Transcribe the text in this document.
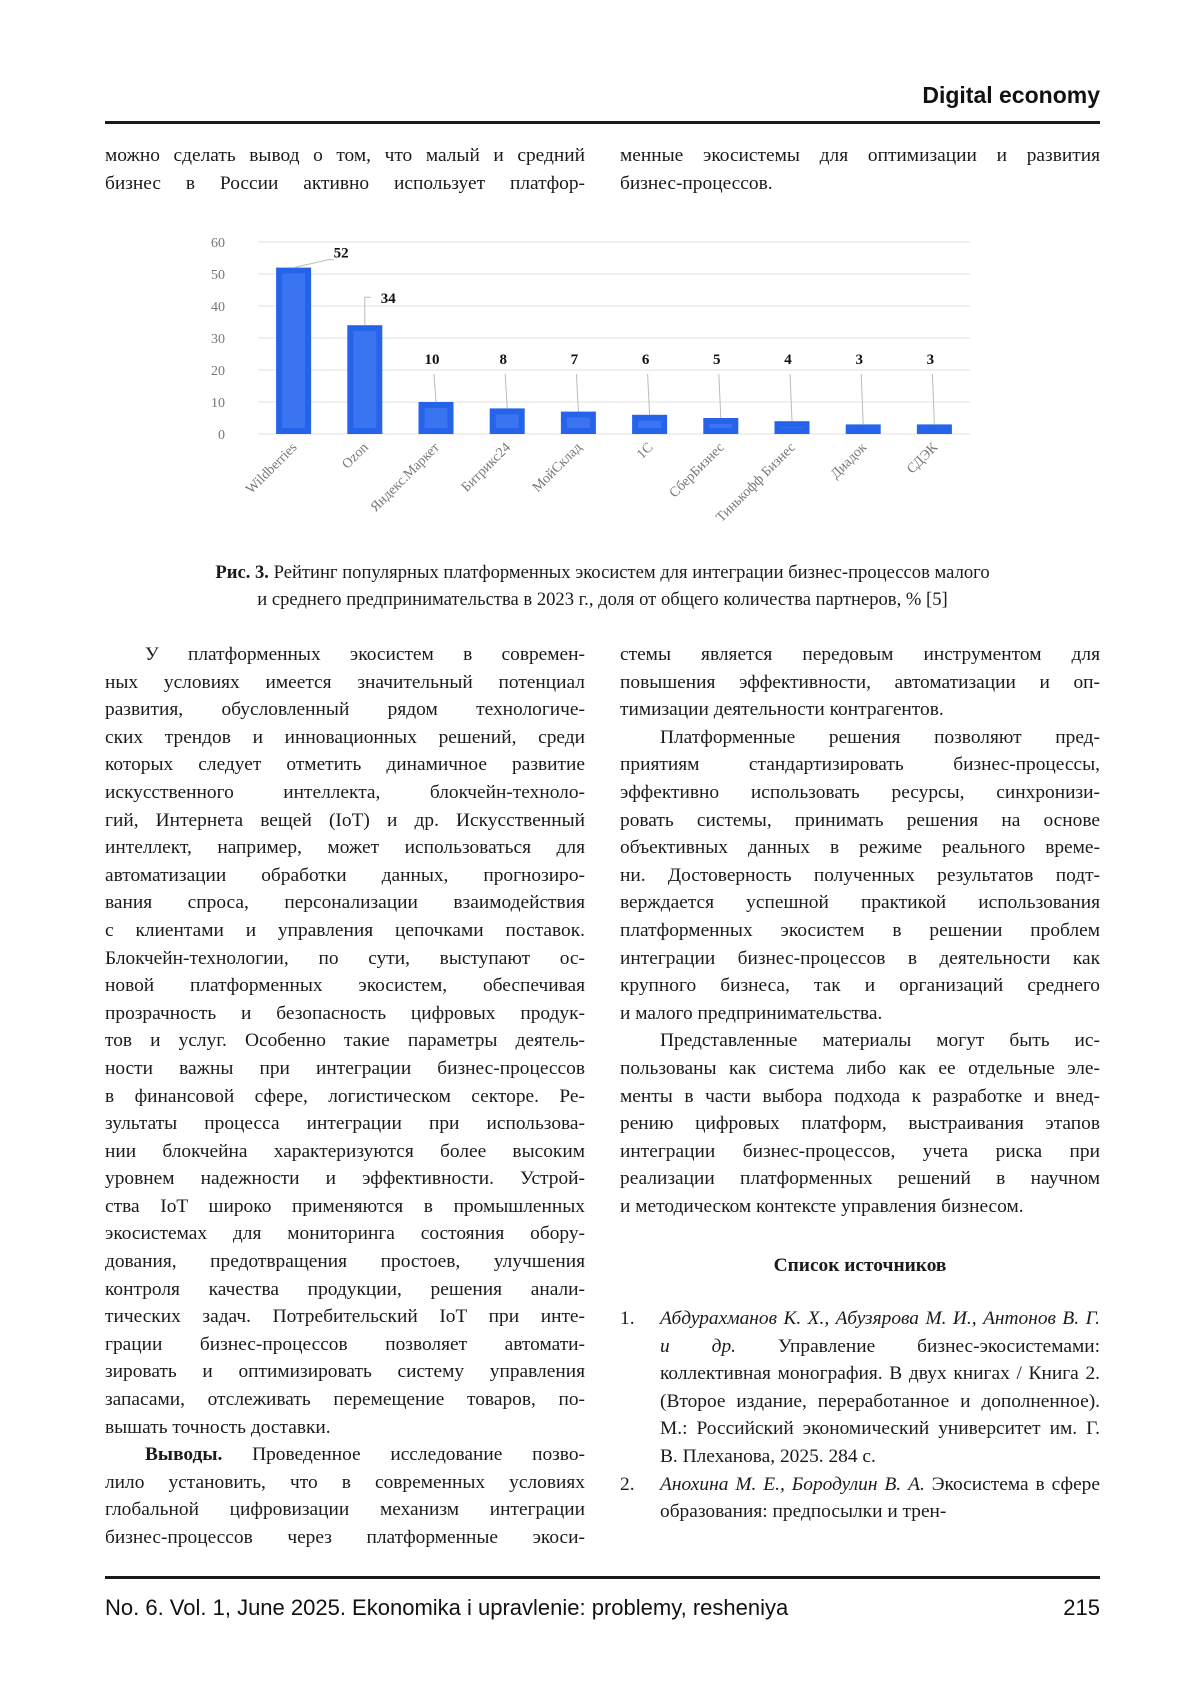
Digital economy
можно сделать вывод о том, что малый и средний
бизнес в России активно использует платфор-
менные экосистемы для оптимизации и развития
бизнес-процессов.
0
10
20
30
40
50
60
52
Wildberries
34
Ozon
10
Яндекс.Маркет
8
Битрикс24
7
МойСклад
6
1С
5
СберБизнес
4
Тинькофф Бизнес
3
Диадок
3
СДЭК
Рис. 3. Рейтинг популярных платформенных экосистем для интеграции бизнес-процессов малого
и среднего предпринимательства в 2023 г., доля от общего количества партнеров, % [5]
У платформенных экосистем в современ-
ных условиях имеется значительный потенциал
развития, обусловленный рядом технологиче-
ских трендов и инновационных решений, среди
которых следует отметить динамичное развитие
искусственного интеллекта, блокчейн-техноло-
гий, Интернета вещей (IoT) и др. Искусственный
интеллект, например, может использоваться для
автоматизации обработки данных, прогнозиро-
вания спроса, персонализации взаимодействия
с клиентами и управления цепочками поставок.
Блокчейн-технологии, по сути, выступают ос-
новой платформенных экосистем, обеспечивая
прозрачность и безопасность цифровых продук-
тов и услуг. Особенно такие параметры деятель-
ности важны при интеграции бизнес-процессов
в финансовой сфере, логистическом секторе. Ре-
зультаты процесса интеграции при использова-
нии блокчейна характеризуются более высоким
уровнем надежности и эффективности. Устрой-
ства IoT широко применяются в промышленных
экосистемах для мониторинга состояния обору-
дования, предотвращения простоев, улучшения
контроля качества продукции, решения анали-
тических задач. Потребительский IoT при инте-
грации бизнес-процессов позволяет автомати-
зировать и оптимизировать систему управления
запасами, отслеживать перемещение товаров, по-
вышать точность доставки.
Выводы. Проведенное исследование позво-
лило установить, что в современных условиях
глобальной цифровизации механизм интеграции
бизнес-процессов через платформенные экоси-
стемы является передовым инструментом для
повышения эффективности, автоматизации и оп-
тимизации деятельности контрагентов.
Платформенные решения позволяют пред-
приятиям стандартизировать бизнес-процессы,
эффективно использовать ресурсы, синхронизи-
ровать системы, принимать решения на основе
объективных данных в режиме реального време-
ни. Достоверность полученных результатов подт-
верждается успешной практикой использования
платформенных экосистем в решении проблем
интеграции бизнес-процессов в деятельности как
крупного бизнеса, так и организаций среднего
и малого предпринимательства.
Представленные материалы могут быть ис-
пользованы как система либо как ее отдельные эле-
менты в части выбора подхода к разработке и внед-
рению цифровых платформ, выстраивания этапов
интеграции бизнес-процессов, учета риска при
реализации платформенных решений в научном
и методическом контексте управления бизнесом.
Список источников
1.	Абдурахманов К. Х., Абузярова М. И., Антонов В. Г. и др. Управление бизнес-экосистемами: коллективная монография. В двух книгах / Книга 2. (Второе издание, переработанное и дополненное). М.: Российский экономический университет им. Г. В. Плеханова, 2025. 284 с.
2.	Анохина М. Е., Бородулин В. А. Экосистема в сфере образования: предпосылки и трен-
No. 6. Vol. 1, June 2025. Ekonomika i upravlenie: problemy, resheniya	215
